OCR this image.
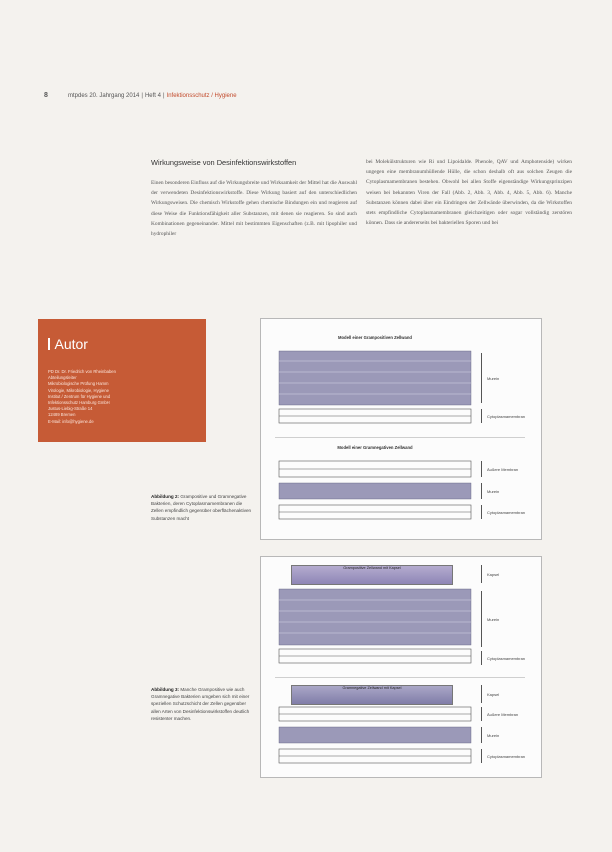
8	mtpdes 20. Jahrgang 2014 | Heft 4 | Infektionsschutz / Hygiene
Wirkungsweise von Desinfektionswirkstoffen
Einen besonderen Einfluss auf die Wirkungsbreite und Wirksamkeit der Mittel hat die Auswahl der verwendeten Desinfektionswirkstoffe. Diese Wirkung basiert auf den unterschiedlichen Wirkungsweisen. Die chemisch Wirkstoffe gehen chemische Bindungen ein und reagieren auf diese Weise die Funktionsfähigkeit aller Substanzen, mit denen sie reagieren. So sind auch Kombinationen gegeneinander. Mittel mit bestimmten Eigenschaften (z.B. mit lipophiler und hydrophiler
bei Molekülstrukturen wie Ri und Lipoidalde. Phenole, QAV und Amphotenside) wirken ungegen eine membranumhüllende Hülle, die schon deshalb oft aus solchen Zeugen die Cytoplasmamembranen bestehen. Obwohl bei allen Stoffe eigenständige Wirkungsprinzipen weisen bei bekannten Viren der Fall (Abb. 2, Abb. 3, Abb. 4, Abb. 5, Abb. 6). Manche Substanzen können dabei über ein Eindringen der Zellwände überwinden, da die Wirkstoffen stets empfindliche Cytoplasmamembranen gleichzeitigen oder sogar vollständig zerstören können. Dass sie andererseits bei bakteriellen Sporen und bei
Autor
PD Dr. Dr. Friedrich von Rheinbaben
Abteilungsleiter
Mikrobiologische Prüfung Hamm
Virologie, Mikrobiologie, Hygiene
Institut / Zentrum für Hygiene und
Infektionsschutz Hamburg GmbH
Justus-Liebig-Straße 14
12489 Bremen
E-Mail: info@hygiene.de
Abbildung 2: Grampositive und Gramnegative Bakterien, deren Cytoplasmamembranen die Zellen empfindlich gegenüber oberflächenaktiven Substanzen macht
Abbildung 3: Manche Grampositive wie auch Gramnegative Bakterien umgeben sich mit einer speziellen Schutzschicht der Zellen gegenüber allen Arten von Desinfektionswirkstoffen deutlich resistenter machen.
Modell einer Grampositiven Zellwand
Murein
Cytoplasmamembran
Modell einer Gramnegativen Zellwand
Äußere Membran
Murein
Cytoplasmamembran
Grampositive Zellwand mit Kapsel
Kapsel
Murein
Cytoplasmamembran
Gramnegative Zellwand mit Kapsel
Kapsel
Äußere Membran
Murein
Cytoplasmamembran
